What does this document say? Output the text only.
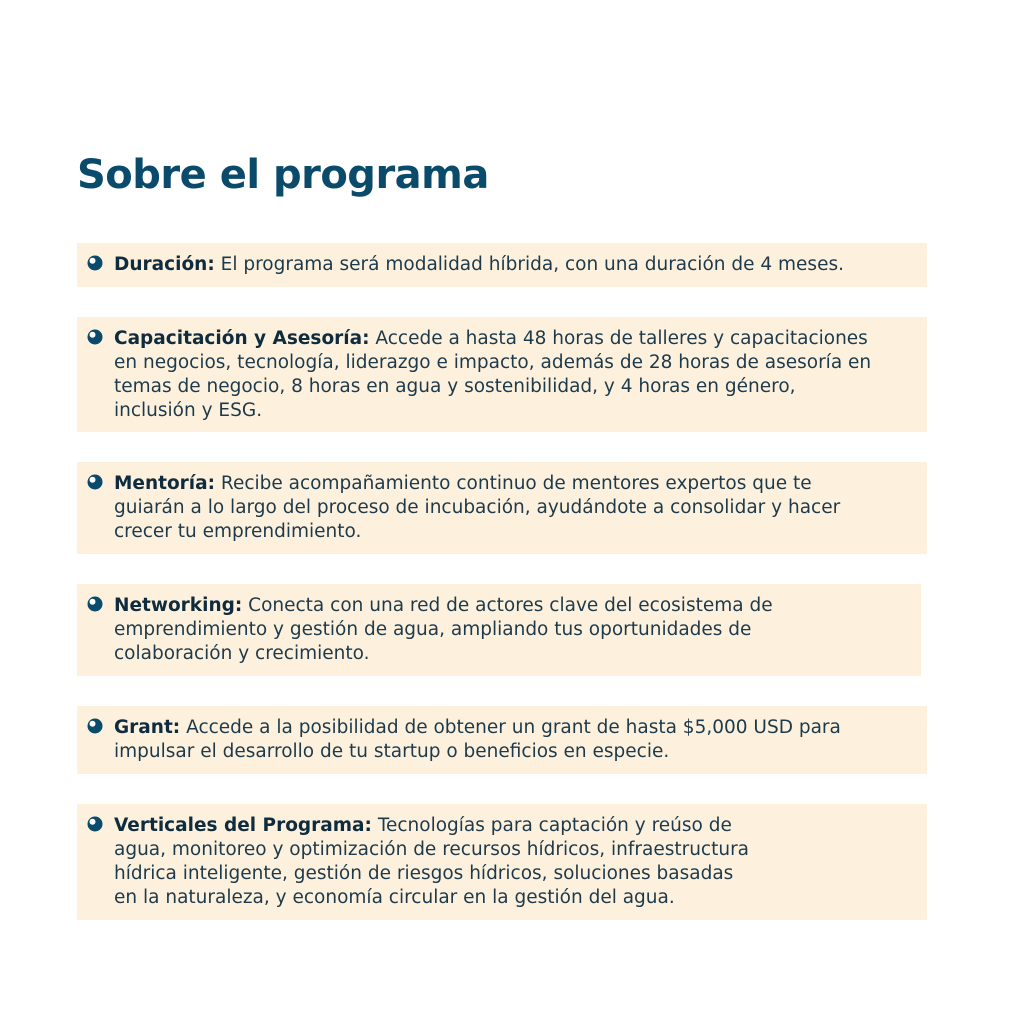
Sobre el programa

Duración: El programa será modalidad híbrida, con una duración de 4 meses.

Capacitación y Asesoría: Accede a hasta 48 horas de talleres y capacitaciones
en negocios, tecnología, liderazgo e impacto, además de 28 horas de asesoría en
temas de negocio, 8 horas en agua y sostenibilidad, y 4 horas en género,
inclusión y ESG.

Mentoría: Recibe acompañamiento continuo de mentores expertos que te
guiarán a lo largo del proceso de incubación, ayudándote a consolidar y hacer
crecer tu emprendimiento.

Networking: Conecta con una red de actores clave del ecosistema de
emprendimiento y gestión de agua, ampliando tus oportunidades de
colaboración y crecimiento.

Grant: Accede a la posibilidad de obtener un grant de hasta $5,000 USD para
impulsar el desarrollo de tu startup o beneficios en especie.

Verticales del Programa: Tecnologías para captación y reúso de
agua, monitoreo y optimización de recursos hídricos, infraestructura
hídrica inteligente, gestión de riesgos hídricos, soluciones basadas
en la naturaleza, y economía circular en la gestión del agua.
